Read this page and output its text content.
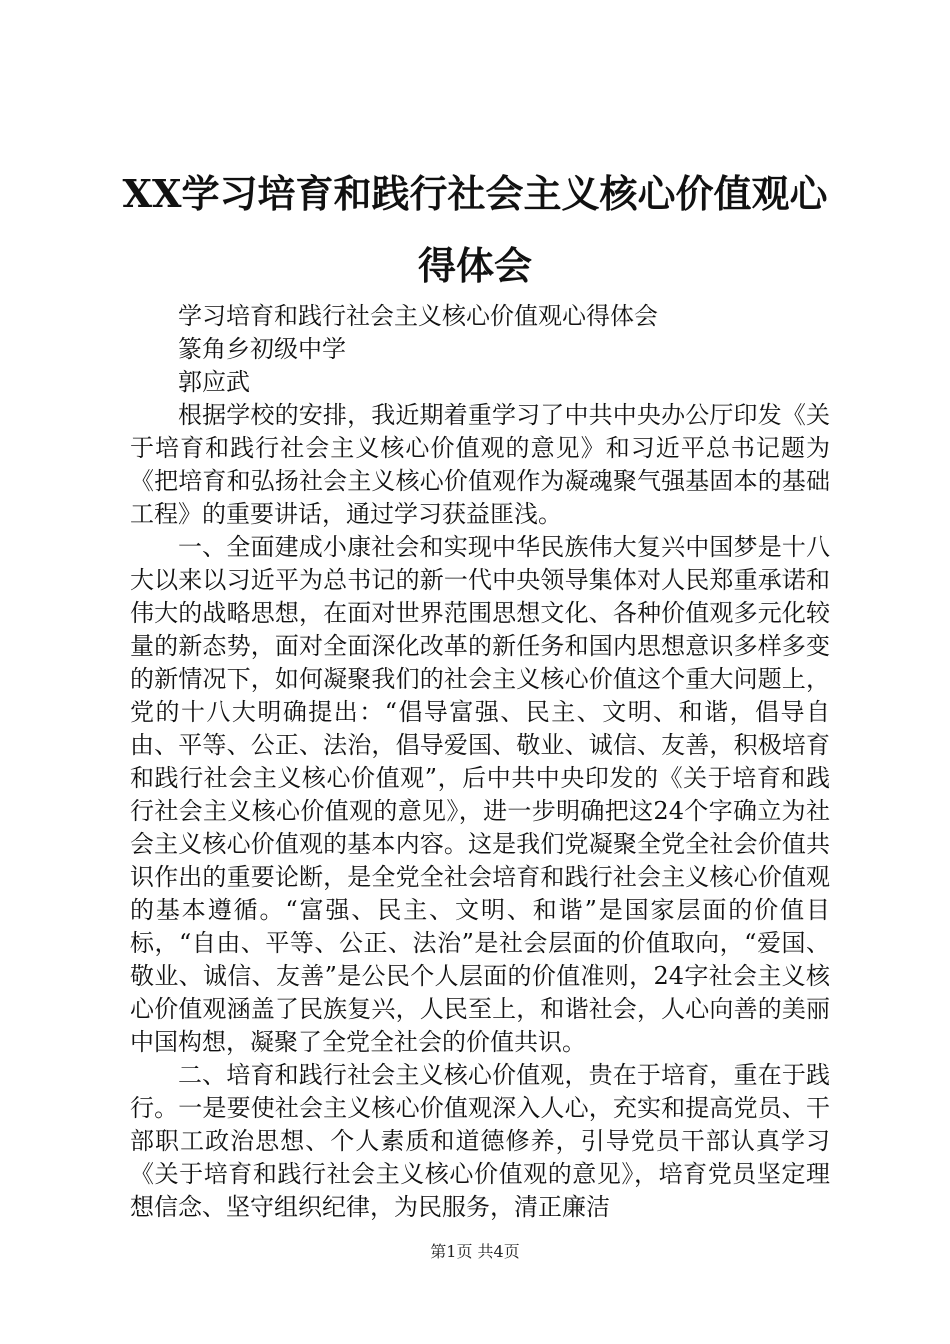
XX学习培育和践行社会主义核心价值观心得体会

学习培育和践行社会主义核心价值观心得体会

篆角乡初级中学

郭应武

根据学校的安排，我近期着重学习了中共中央办公厅印发《关于培育和践行社会主义核心价值观的意见》和习近平总书记题为《把培育和弘扬社会主义核心价值观作为凝魂聚气强基固本的基础工程》的重要讲话，通过学习获益匪浅。

一、全面建成小康社会和实现中华民族伟大复兴中国梦是十八大以来以习近平为总书记的新一代中央领导集体对人民郑重承诺和伟大的战略思想，在面对世界范围思想文化、各种价值观多元化较量的新态势，面对全面深化改革的新任务和国内思想意识多样多变的新情况下，如何凝聚我们的社会主义核心价值这个重大问题上，党的十八大明确提出：“倡导富强、民主、文明、和谐，倡导自由、平等、公正、法治，倡导爱国、敬业、诚信、友善，积极培育和践行社会主义核心价值观”，后中共中央印发的《关于培育和践行社会主义核心价值观的意见》，进一步明确把这24个字确立为社会主义核心价值观的基本内容。这是我们党凝聚全党全社会价值共识作出的重要论断，是全党全社会培育和践行社会主义核心价值观的基本遵循。“富强、民主、文明、和谐”是国家层面的价值目标，“自由、平等、公正、法治”是社会层面的价值取向，“爱国、敬业、诚信、友善”是公民个人层面的价值准则，24字社会主义核心价值观涵盖了民族复兴，人民至上，和谐社会，人心向善的美丽中国构想，凝聚了全党全社会的价值共识。

二、培育和践行社会主义核心价值观，贵在于培育，重在于践行。一是要使社会主义核心价值观深入人心，充实和提高党员、干部职工政治思想、个人素质和道德修养，引导党员干部认真学习《关于培育和践行社会主义核心价值观的意见》，培育党员坚定理想信念、坚守组织纪律，为民服务，清正廉洁

第1页 共4页
